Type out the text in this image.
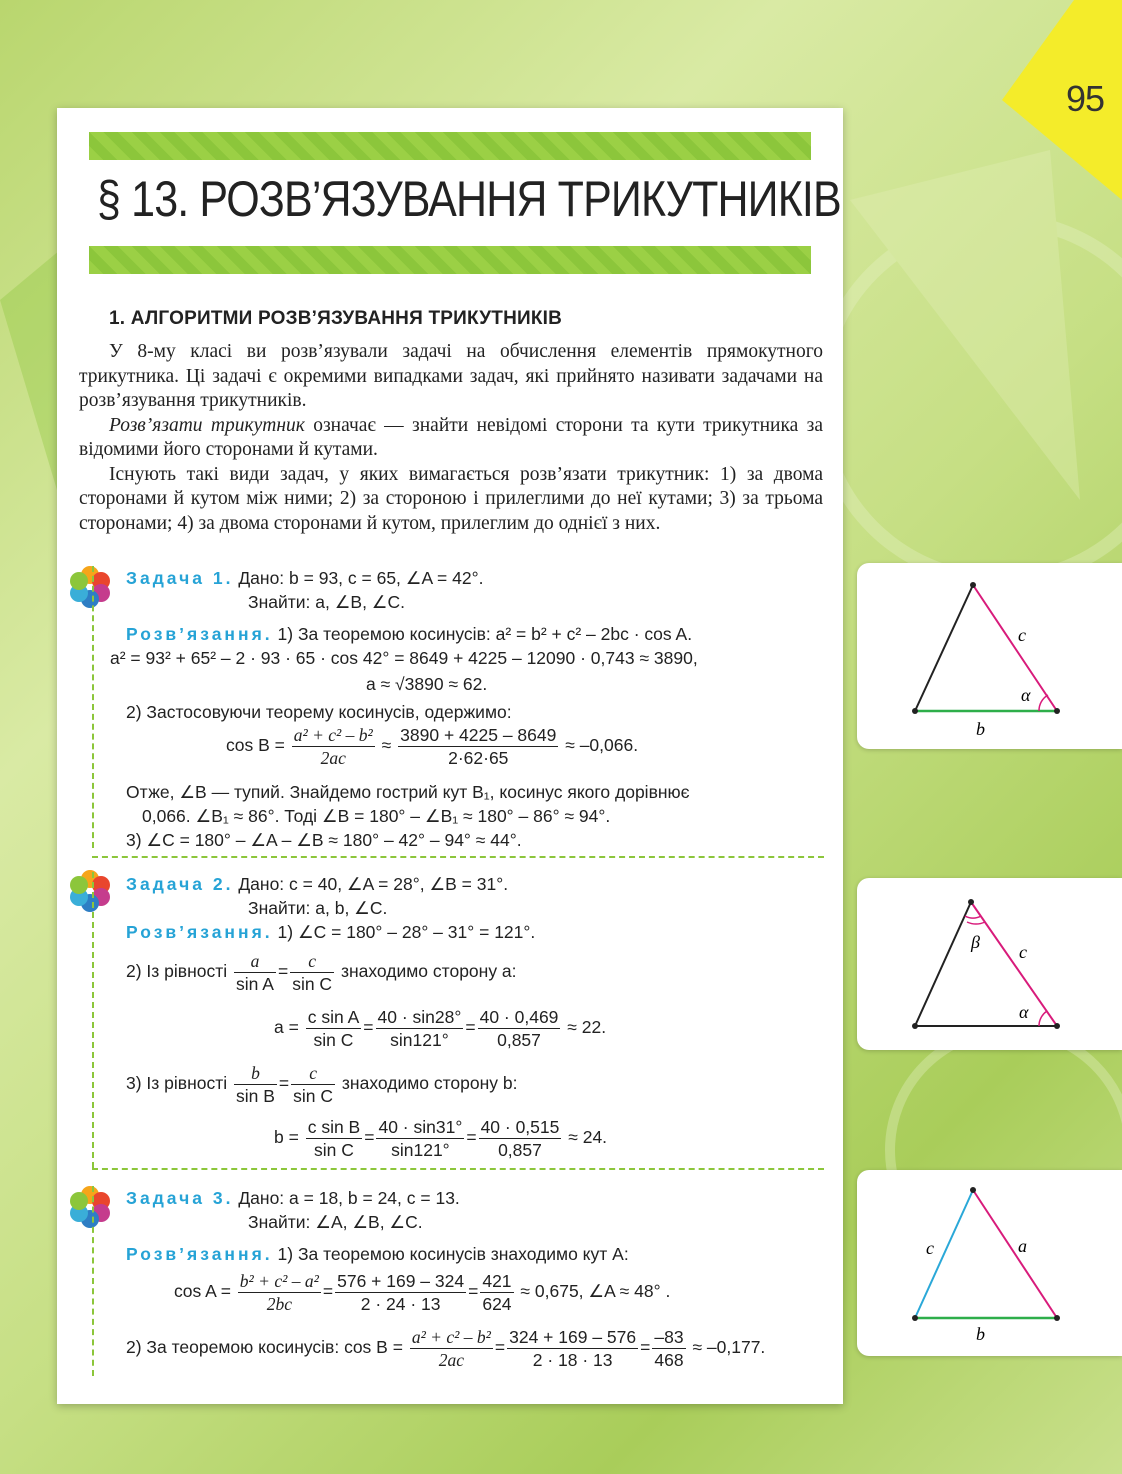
95
§ 13. РОЗВ’ЯЗУВАННЯ ТРИКУТНИКІВ
1. АЛГОРИТМИ РОЗВ’ЯЗУВАННЯ ТРИКУТНИКІВ

У 8-му класі ви розв’язували задачі на обчислення елементів прямокутного трикутника. Ці задачі є окремими випадками задач, які прийнято називати задачами на розв’язування трикутників.

Розв’язати трикутник означає — знайти невідомі сторони та кути трикутника за відомими його сторонами й кутами.

Існують такі види задач, у яких вимагається розв’язати трикутник: 1) за двома сторонами й кутом між ними; 2) за стороною і прилеглими до неї кутами; 3) за трьома сторонами; 4) за двома сторонами й кутом, прилеглим до однієї з них.

Задача 1. Дано: b = 93, c = 65, ∠A = 42°.
Знайти: a, ∠B, ∠C.
Розв’язання. 1) За теоремою косинусів: a² = b² + c² – 2bc · cos A.
a² = 93² + 65² – 2 · 93 · 65 · cos 42° = 8649 + 4225 – 12090 · 0,743 ≈ 3890,
a ≈ √3890 ≈ 62.
2) Застосовуючи теорему косинусів, одержимо:
$\cos B = \frac{\text{a² + c² – b²}}{2ac} \approx \frac{3890 + 4225 - 8649}{2\cdot 62\cdot 65} \approx -0,066$.
Отже, ∠B — тупий. Знайдемо гострий кут B₁, косинус якого дорівнює
0,066. ∠B₁ ≈ 86°. Тоді ∠B = 180° – ∠B₁ ≈ 180° – 86° ≈ 94°.
3) ∠C = 180° – ∠A – ∠B ≈ 180° – 42° – 94° ≈ 44°.
Задача 2. Дано: c = 40, ∠A = 28°, ∠B = 31°.
Знайти: a, b, ∠C.
Розв’язання. 1) ∠C = 180° – 28° – 31° = 121°.
2) Із рівності $\frac{a}{\text{sin A}} = \frac{c}{\text{sin C}}$ знаходимо сторону a:
$a = \frac{\text{c sin A}}{\text{sin C}} = \frac{40 \cdot \sin 28^\circ}{\sin 121^\circ} = \frac{40 \cdot 0,469}{0,857} \approx 22$.
3) Із рівності $\frac{b}{\text{sin B}} = \frac{c}{\text{sin C}}$ знаходимо сторону b:
$b = \frac{\text{c sin B}}{\text{sin C}} = \frac{40 \cdot \sin 31^\circ}{\sin 121^\circ} = \frac{40 \cdot 0,515}{0,857} \approx 24$.
Задача 3. Дано: a = 18, b = 24, c = 13.
Знайти: ∠A, ∠B, ∠C.
Розв’язання. 1) За теоремою косинусів знаходимо кут A:
$\cos A = \frac{\text{b² + c² – a²}}{2bc} = \frac{576 + 169 - 324}{2 \cdot 24 \cdot 13} = \frac{421}{624} \approx 0,675$, ∠A ≈ 48° .
2) За теоремою косинусів: $\cos B = \frac{\text{a² + c² – b²}}{2ac} = \frac{324 + 169 - 576}{2 \cdot 18 \cdot 13} = \frac{-83}{468} \approx -0,177$.
c
α
b
β c
α
c	a
b
